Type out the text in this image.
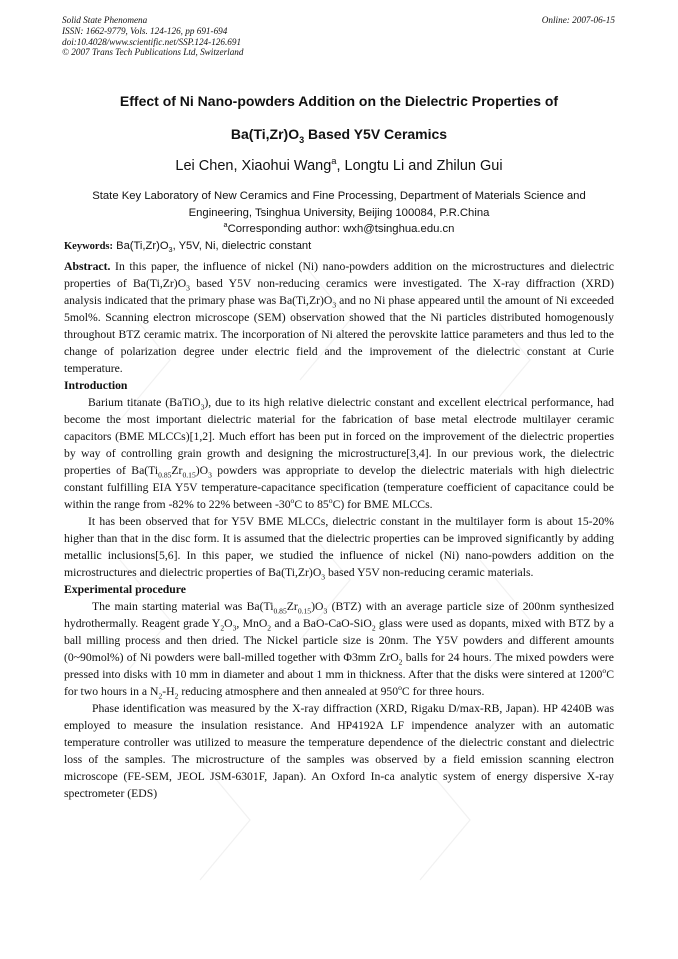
Solid State Phenomena
ISSN: 1662-9779, Vols. 124-126, pp 691-694
doi:10.4028/www.scientific.net/SSP.124-126.691
© 2007 Trans Tech Publications Ltd, Switzerland
Online: 2007-06-15
Effect of Ni Nano-powders Addition on the Dielectric Properties of
$Ba(Ti,Zr)O_3$ Based Y5V Ceramics
Lei Chen, Xiaohui Wang$^a$, Longtu Li and Zhilun Gui
State Key Laboratory of New Ceramics and Fine Processing, Department of Materials Science and
Engineering, Tsinghua University, Beijing 100084, P.R.China
$^a$Corresponding author: wxh@tsinghua.edu.cn
Keywords: $Ba(Ti,Zr)O_3$, Y5V, Ni, dielectric constant

Abstract. In this paper, the influence of nickel (Ni) nano-powders addition on the microstructures and dielectric properties of $Ba(Ti,Zr)O_3$ based Y5V non-reducing ceramics were investigated. The X-ray diffraction (XRD) analysis indicated that the primary phase was $Ba(Ti,Zr)O_3$ and no Ni phase appeared until the amount of Ni exceeded 5mol%. Scanning electron microscope (SEM) observation showed that the Ni particles distributed homogenously throughout BTZ ceramic matrix. The incorporation of Ni altered the perovskite lattice parameters and thus led to the change of polarization degree under electric field and the improvement of the dielectric constant at Curie temperature.

Introduction

Barium titanate (BaTiO$_3$), due to its high relative dielectric constant and excellent electrical performance, had become the most important dielectric material for the fabrication of base metal electrode multilayer ceramic capacitors (BME MLCCs)[1,2]. Much effort has been put in forced on the improvement of the dielectric properties by way of controlling grain growth and designing the microstructure[3,4]. In our previous work, the dielectric properties of $Ba(Ti_{0.85}Zr_{0.15})O_3$ powders was appropriate to develop the dielectric materials with high dielectric constant fulfilling EIA Y5V temperature-capacitance specification (temperature coefficient of capacitance could be within the range from -82% to 22% between -30$^o$C to 85$^o$C) for BME MLCCs.

It has been observed that for Y5V BME MLCCs, dielectric constant in the multilayer form is about 15-20% higher than that in the disc form. It is assumed that the dielectric properties can be improved significantly by adding metallic inclusions[5,6]. In this paper, we studied the influence of nickel (Ni) nano-powders addition on the microstructures and dielectric properties of $Ba(Ti,Zr)O_3$ based Y5V non-reducing ceramic materials.

Experimental procedure

The main starting material was $Ba(Ti_{0.85}Zr_{0.15})O_3$ (BTZ) with an average particle size of 200nm synthesized hydrothermally. Reagent grade $Y_2O_3$, MnO$_2$ and a BaO-CaO-SiO$_2$ glass were used as dopants, mixed with BTZ by a ball milling process and then dried. The Nickel particle size is 20nm. The Y5V powders and different amounts (0~90mol%) of Ni powders were ball-milled together with Φ3mm ZrO$_2$ balls for 24 hours. The mixed powders were pressed into disks with 10 mm in diameter and about 1 mm in thickness. After that the disks were sintered at 1200$^o$C for two hours in a $N_2-H_2$ reducing atmosphere and then annealed at 950$^o$C for three hours.

Phase identification was measured by the X-ray diffraction (XRD, Rigaku D/max-RB, Japan). HP 4240B was employed to measure the insulation resistance. And HP4192A LF impendence analyzer with an automatic temperature controller was utilized to measure the temperature dependence of the dielectric constant and dielectric loss of the samples. The microstructure of the samples was observed by a field emission scanning electron microscope (FE-SEM, JEOL JSM-6301F, Japan). An Oxford In-ca analytic system of energy dispersive X-ray spectrometer (EDS)
